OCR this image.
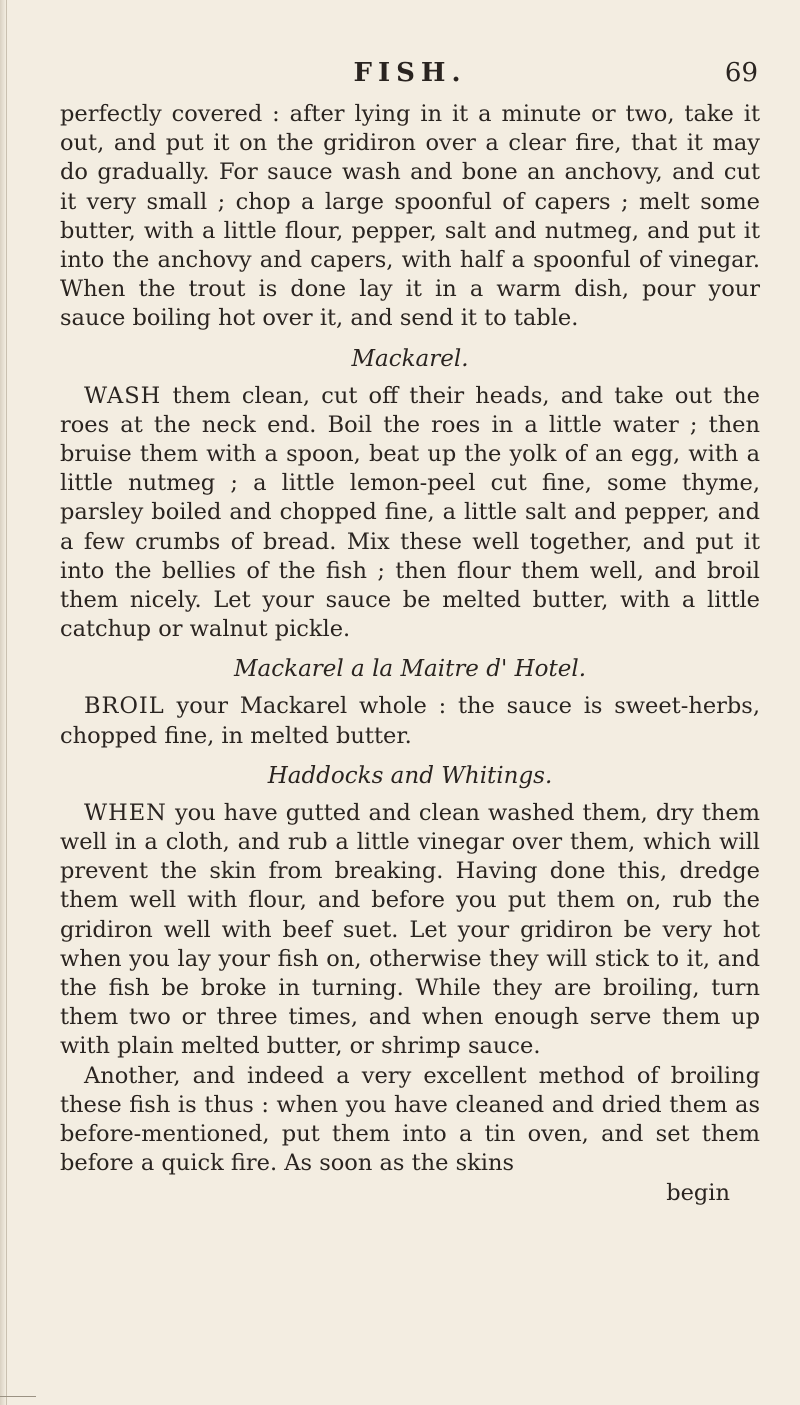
FISH.	69

perfectly covered : after lying in it a minute or two, take it out, and put it on the gridiron over a clear fire, that it may do gradually. For sauce wash and bone an anchovy, and cut it very small ; chop a large spoonful of capers ; melt some butter, with a little flour, pepper, salt and nutmeg, and put it into the anchovy and capers, with half a spoonful of vinegar. When the trout is done lay it in a warm dish, pour your sauce boiling hot over it, and send it to table.

Mackarel.

WASH them clean, cut off their heads, and take out the roes at the neck end. Boil the roes in a little water ; then bruise them with a spoon, beat up the yolk of an egg, with a little nutmeg ; a little lemon-peel cut fine, some thyme, parsley boiled and chopped fine, a little salt and pepper, and a few crumbs of bread. Mix these well together, and put it into the bellies of the fish ; then flour them well, and broil them nicely. Let your sauce be melted butter, with a little catchup or walnut pickle.

Mackarel a la Maitre d' Hotel.

BROIL your Mackarel whole : the sauce is sweet-herbs, chopped fine, in melted butter.

Haddocks and Whitings.

WHEN you have gutted and clean washed them, dry them well in a cloth, and rub a little vinegar over them, which will prevent the skin from breaking. Having done this, dredge them well with flour, and before you put them on, rub the gridiron well with beef suet. Let your gridiron be very hot when you lay your fish on, otherwise they will stick to it, and the fish be broke in turning. While they are broiling, turn them two or three times, and when enough serve them up with plain melted butter, or shrimp sauce.

Another, and indeed a very excellent method of broiling these fish is thus : when you have cleaned and dried them as before-mentioned, put them into a tin oven, and set them before a quick fire. As soon as the skins

begin
